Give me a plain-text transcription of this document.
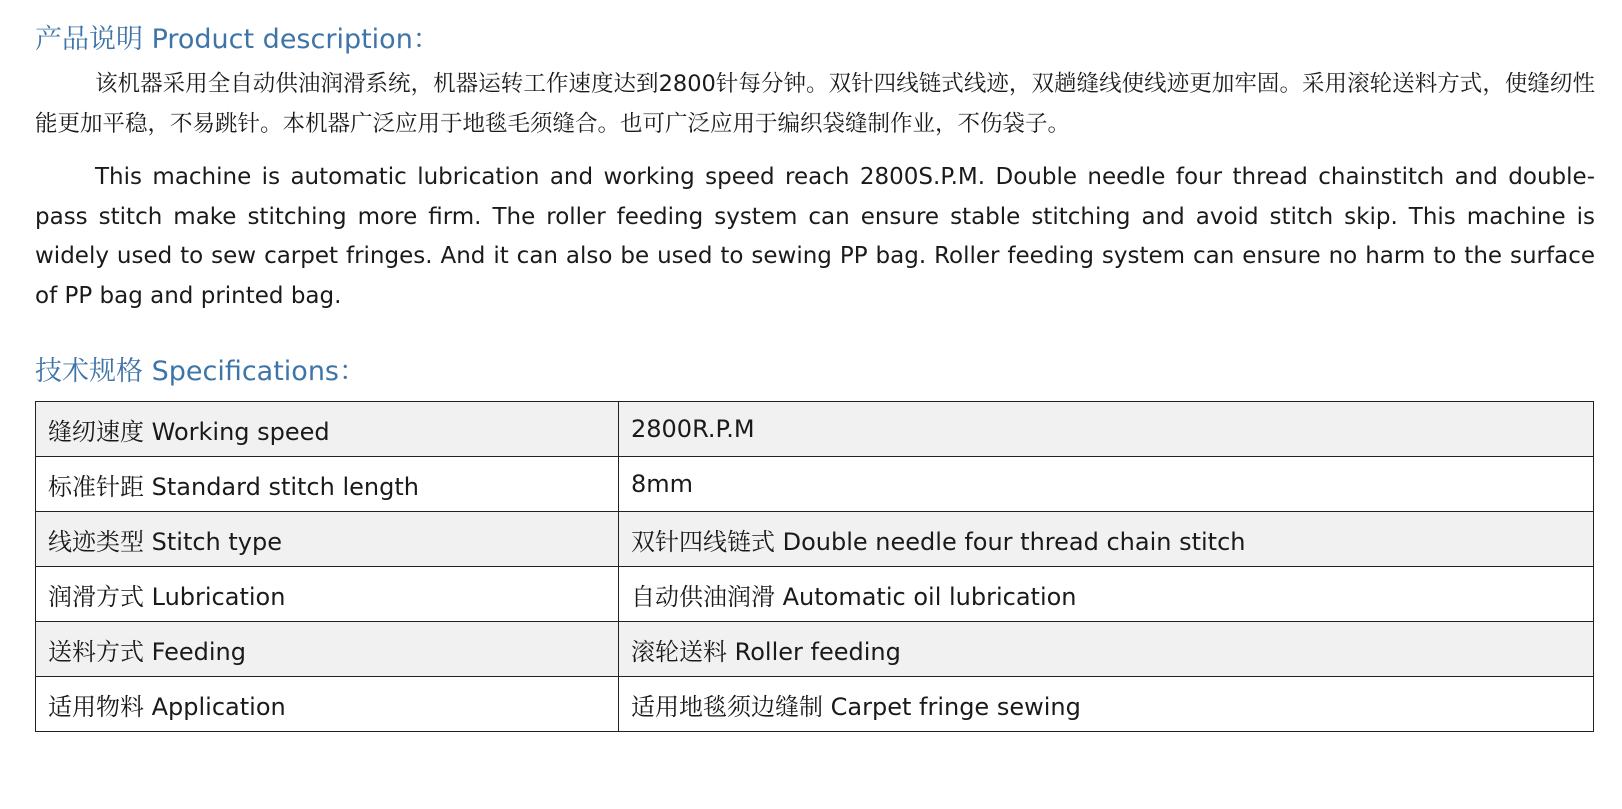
产品说明 Product description：

该机器采用全自动供油润滑系统，机器运转工作速度达到2800针每分钟。双针四线链式线迹，双趟缝线使线迹更加牢固。采用滚轮送料方式，使缝纫性能更加平稳，不易跳针。本机器广泛应用于地毯毛须缝合。也可广泛应用于编织袋缝制作业，不伤袋子。

This machine is automatic lubrication and working speed reach 2800S.P.M. Double needle four thread chainstitch and double-pass stitch make stitching more firm. The roller feeding system can ensure stable stitching and avoid stitch skip. This machine is widely used to sew carpet fringes. And it can also be used to sewing PP bag. Roller feeding system can ensure no harm to the surface of PP bag and printed bag.

技术规格 Specifications：
缝纫速度 Working speed	2800R.P.M
标准针距 Standard stitch length	8mm
线迹类型 Stitch type	双针四线链式 Double needle four thread chain stitch
润滑方式 Lubrication	自动供油润滑 Automatic oil lubrication
送料方式 Feeding	滚轮送料 Roller feeding
适用物料 Application	适用地毯须边缝制 Carpet fringe sewing
